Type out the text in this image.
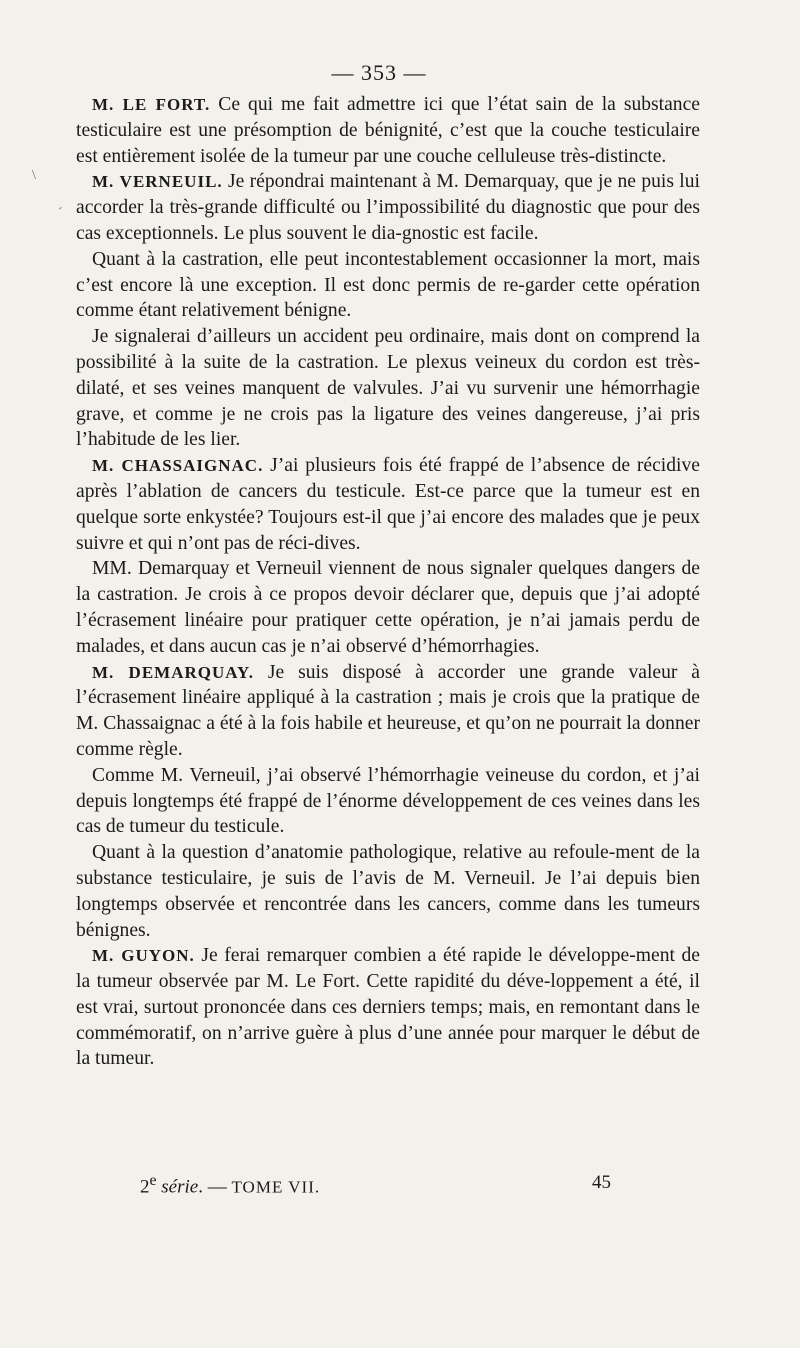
— 353 —

M. LE FORT. Ce qui me fait admettre ici que l’état sain de la substance testiculaire est une présomption de bénignité, c’est que la couche testiculaire est entièrement isolée de la tumeur par une couche celluleuse très-distincte.

M. VERNEUIL. Je répondrai maintenant à M. Demarquay, que je ne puis lui accorder la très-grande difficulté ou l’impossibilité du diagnostic que pour des cas exceptionnels. Le plus souvent le dia-gnostic est facile.

Quant à la castration, elle peut incontestablement occasionner la mort, mais c’est encore là une exception. Il est donc permis de re-garder cette opération comme étant relativement bénigne.

Je signalerai d’ailleurs un accident peu ordinaire, mais dont on comprend la possibilité à la suite de la castration. Le plexus veineux du cordon est très-dilaté, et ses veines manquent de valvules. J’ai vu survenir une hémorrhagie grave, et comme je ne crois pas la ligature des veines dangereuse, j’ai pris l’habitude de les lier.

M. CHASSAIGNAC. J’ai plusieurs fois été frappé de l’absence de récidive après l’ablation de cancers du testicule. Est-ce parce que la tumeur est en quelque sorte enkystée? Toujours est-il que j’ai encore des malades que je peux suivre et qui n’ont pas de réci-dives.

MM. Demarquay et Verneuil viennent de nous signaler quelques dangers de la castration. Je crois à ce propos devoir déclarer que, depuis que j’ai adopté l’écrasement linéaire pour pratiquer cette opération, je n’ai jamais perdu de malades, et dans aucun cas je n’ai observé d’hémorrhagies.

M. DEMARQUAY. Je suis disposé à accorder une grande valeur à l’écrasement linéaire appliqué à la castration ; mais je crois que la pratique de M. Chassaignac a été à la fois habile et heureuse, et qu’on ne pourrait la donner comme règle.

Comme M. Verneuil, j’ai observé l’hémorrhagie veineuse du cordon, et j’ai depuis longtemps été frappé de l’énorme développement de ces veines dans les cas de tumeur du testicule.

Quant à la question d’anatomie pathologique, relative au refoule-ment de la substance testiculaire, je suis de l’avis de M. Verneuil. Je l’ai depuis bien longtemps observée et rencontrée dans les cancers, comme dans les tumeurs bénignes.

M. GUYON. Je ferai remarquer combien a été rapide le développe-ment de la tumeur observée par M. Le Fort. Cette rapidité du déve-loppement a été, il est vrai, surtout prononcée dans ces derniers temps; mais, en remontant dans le commémoratif, on n’arrive guère à plus d’une année pour marquer le début de la tumeur.

2e série. — TOME VII.	45
\
ˊ
